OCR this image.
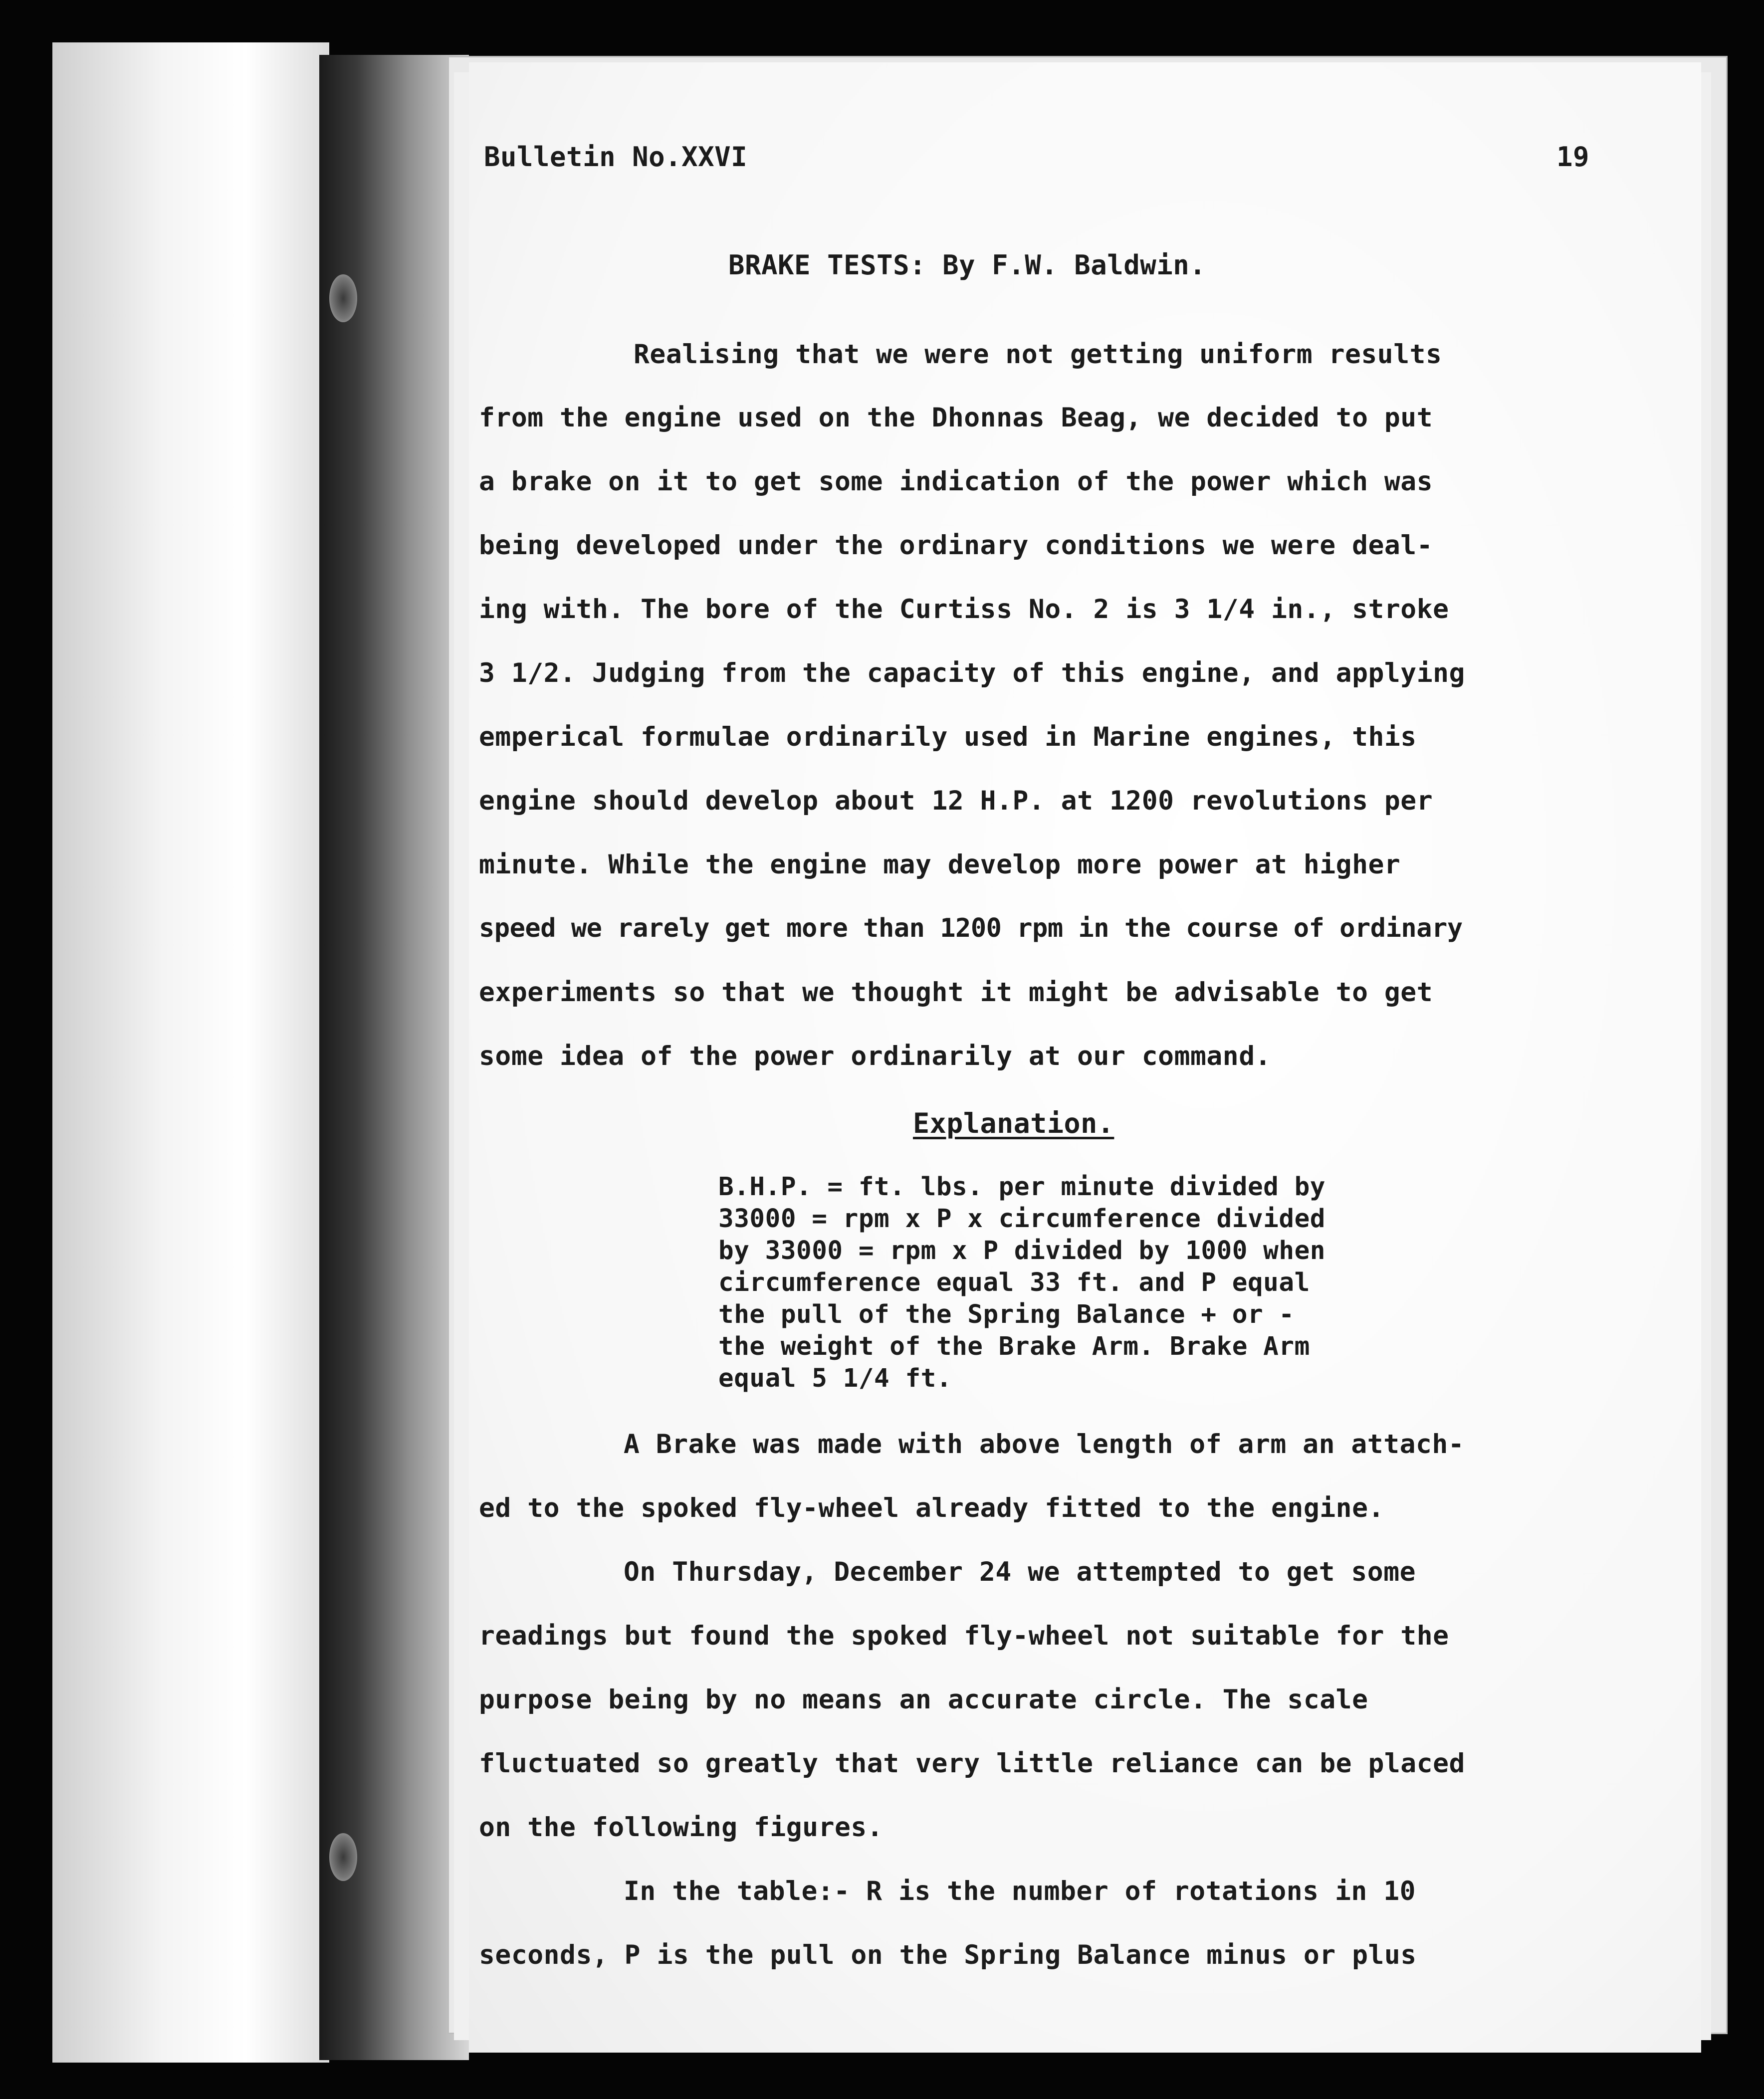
Bulletin No.XXVI	19

BRAKE TESTS: By F.W. Baldwin.

Realising that we were not getting uniform results

from the engine used on the Dhonnas Beag, we decided to put

a brake on it to get some indication of the power which was

being developed under the ordinary conditions we were deal-

ing with. The bore of the Curtiss No. 2 is 3 1/4 in., stroke

3 1/2. Judging from the capacity of this engine, and applying

emperical formulae ordinarily used in Marine engines, this

engine should develop about 12 H.P. at 1200 revolutions per

minute. While the engine may develop more power at higher

speed we rarely get more than 1200 rpm in the course of ordinary

experiments so that we thought it might be advisable to get

some idea of the power ordinarily at our command.

Explanation.

B.H.P. = ft. lbs. per minute divided by

33000 = rpm x P x circumference divided

by 33000 = rpm x P divided by 1000 when

circumference equal 33 ft. and P equal

the pull of the Spring Balance + or -

the weight of the Brake Arm. Brake Arm

equal 5 1/4 ft.

A Brake was made with above length of arm an attach-

ed to the spoked fly-wheel already fitted to the engine.

On Thursday, December 24 we attempted to get some

readings but found the spoked fly-wheel not suitable for the

purpose being by no means an accurate circle. The scale

fluctuated so greatly that very little reliance can be placed

on the following figures.

In the table:- R is the number of rotations in 10

seconds, P is the pull on the Spring Balance minus or plus
